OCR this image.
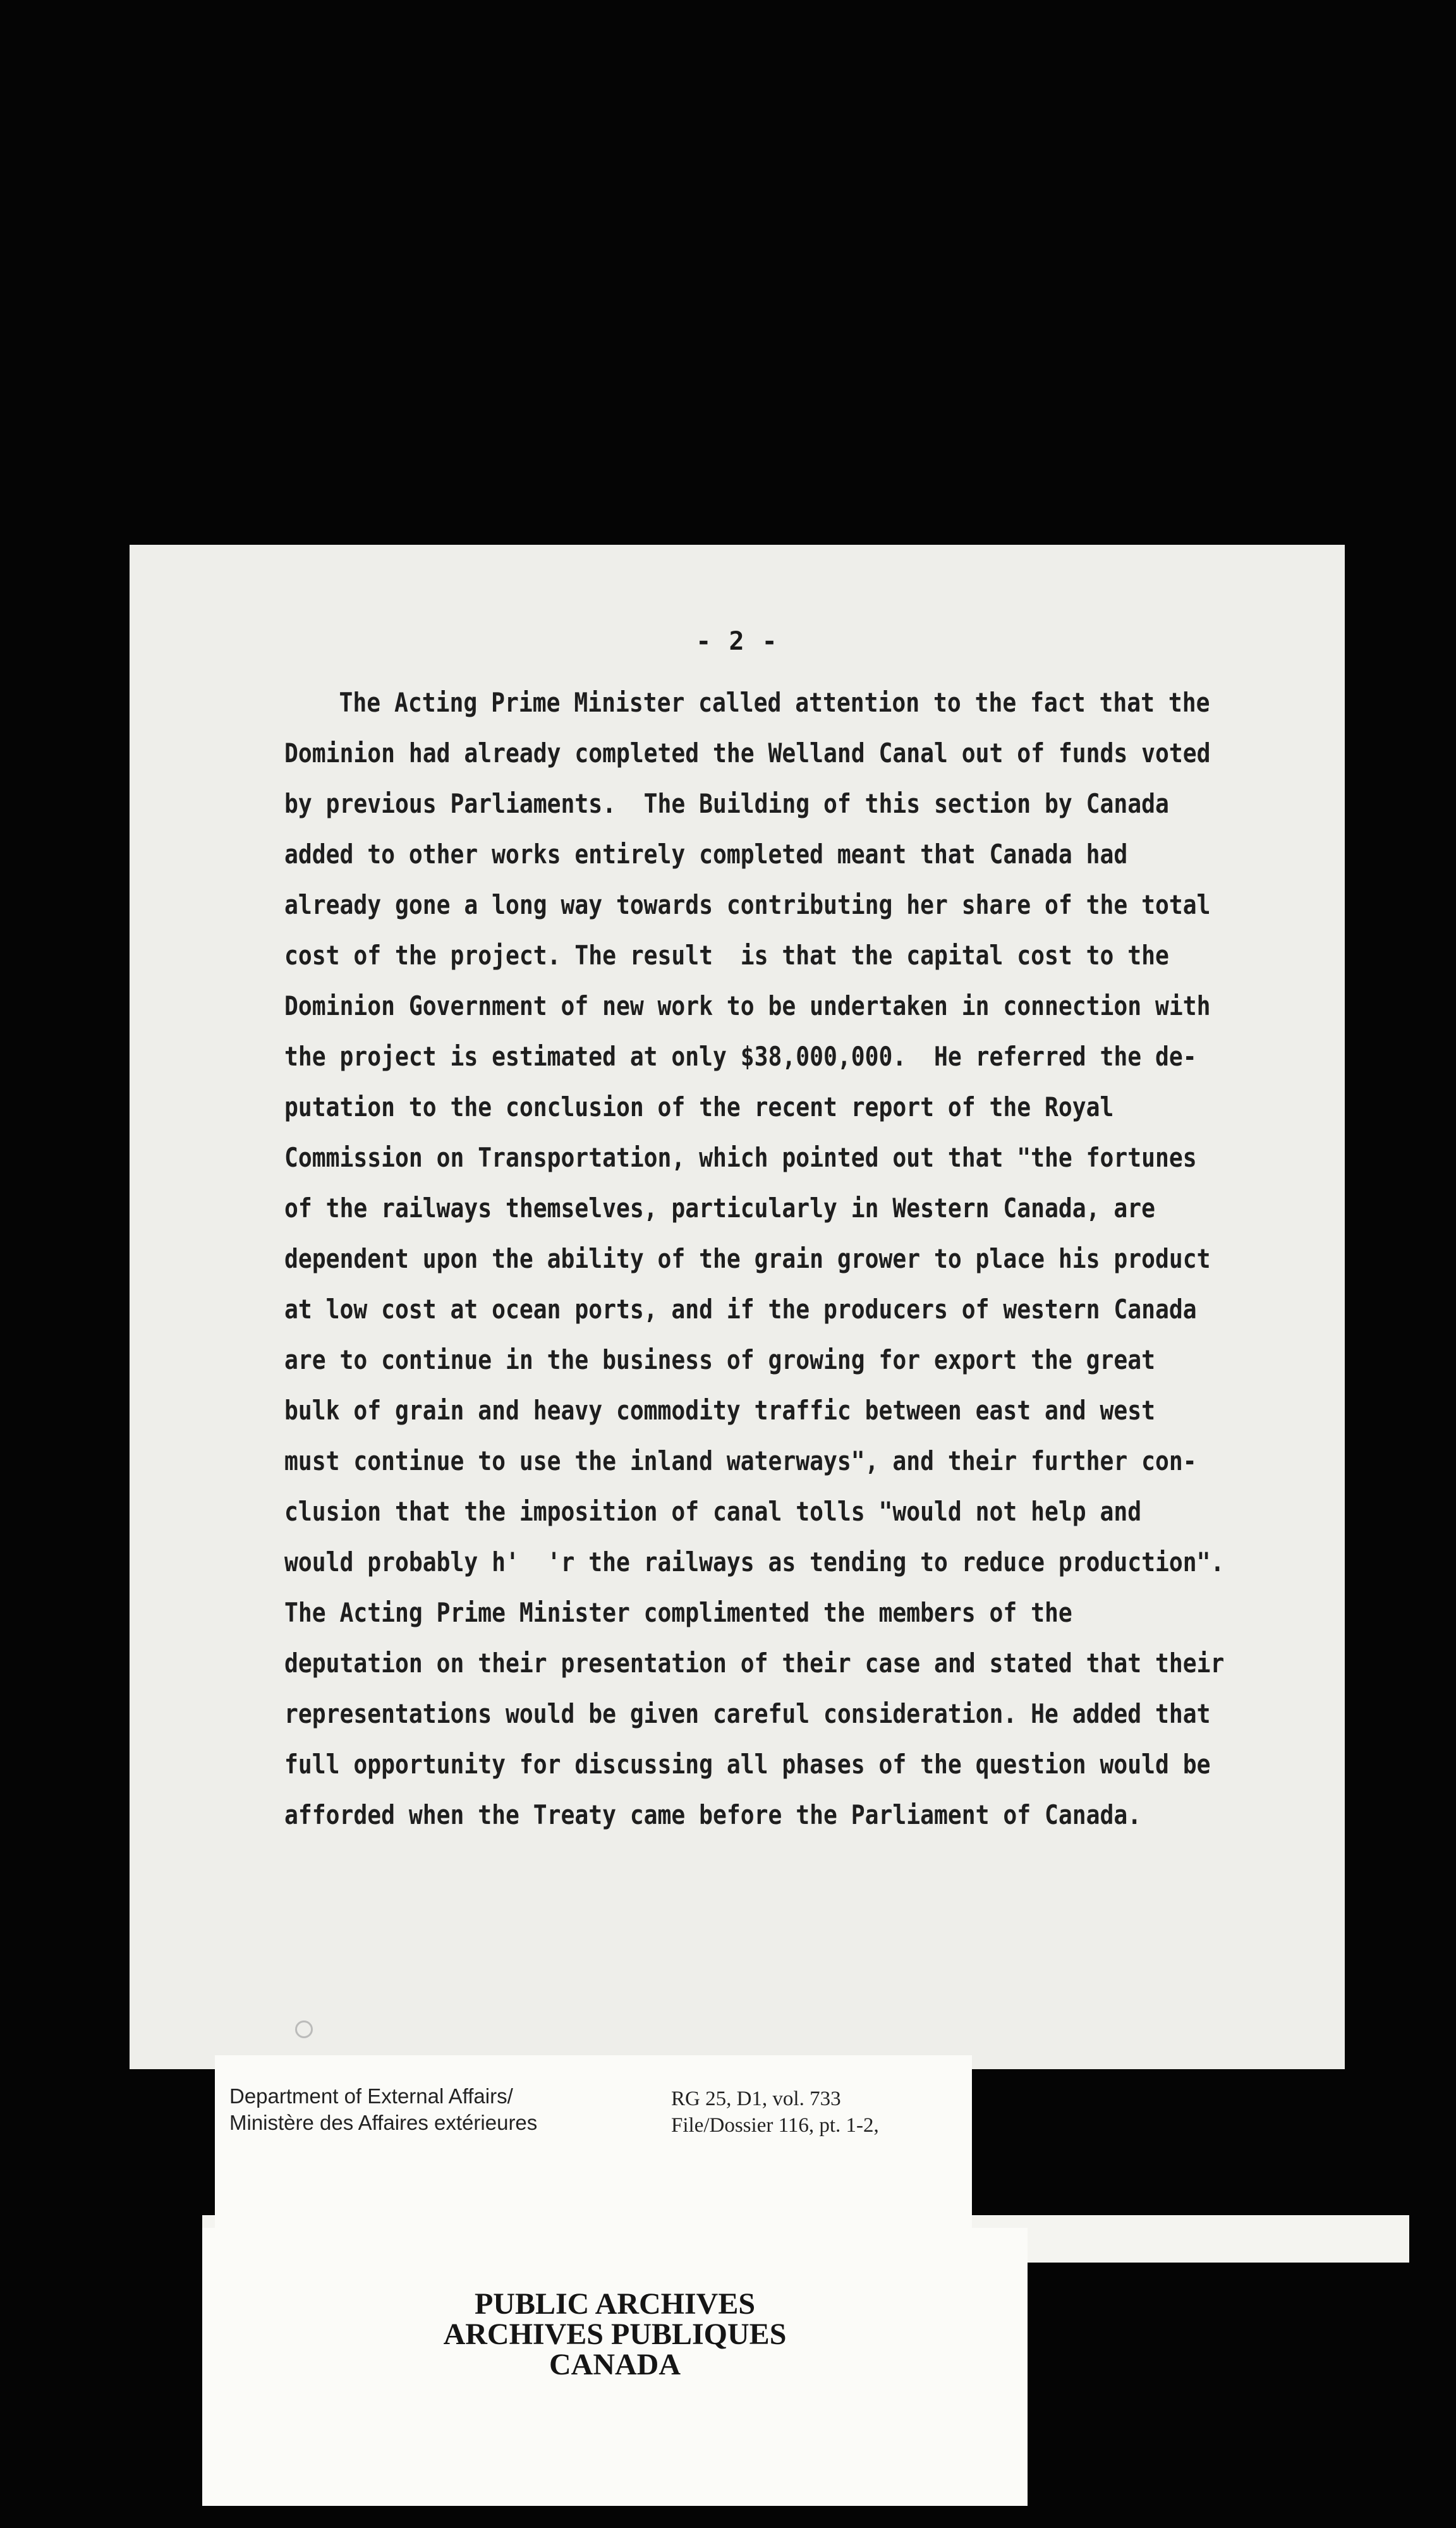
- 2 -

The Acting Prime Minister called attention to the fact that the
Dominion had already completed the Welland Canal out of funds voted
by previous Parliaments.  The Building of this section by Canada
added to other works entirely completed meant that Canada had
already gone a long way towards contributing her share of the total
cost of the project. The result  is that the capital cost to the
Dominion Government of new work to be undertaken in connection with
the project is estimated at only $38,000,000.  He referred the de-
putation to the conclusion of the recent report of the Royal
Commission on Transportation, which pointed out that "the fortunes
of the railways themselves, particularly in Western Canada, are
dependent upon the ability of the grain grower to place his product
at low cost at ocean ports, and if the producers of western Canada
are to continue in the business of growing for export the great
bulk of grain and heavy commodity traffic between east and west
must continue to use the inland waterways", and their further con-
clusion that the imposition of canal tolls "would not help and
would probably h'  'r the railways as tending to reduce production".
The Acting Prime Minister complimented the members of the
deputation on their presentation of their case and stated that their
representations would be given careful consideration. He added that
full opportunity for discussing all phases of the question would be
afforded when the Treaty came before the Parliament of Canada.

Department of External Affairs/
Ministère des Affaires extérieures
RG 25, D1, vol. 733
File/Dossier 116, pt. 1-2,
PUBLIC ARCHIVES
ARCHIVES PUBLIQUES
CANADA
